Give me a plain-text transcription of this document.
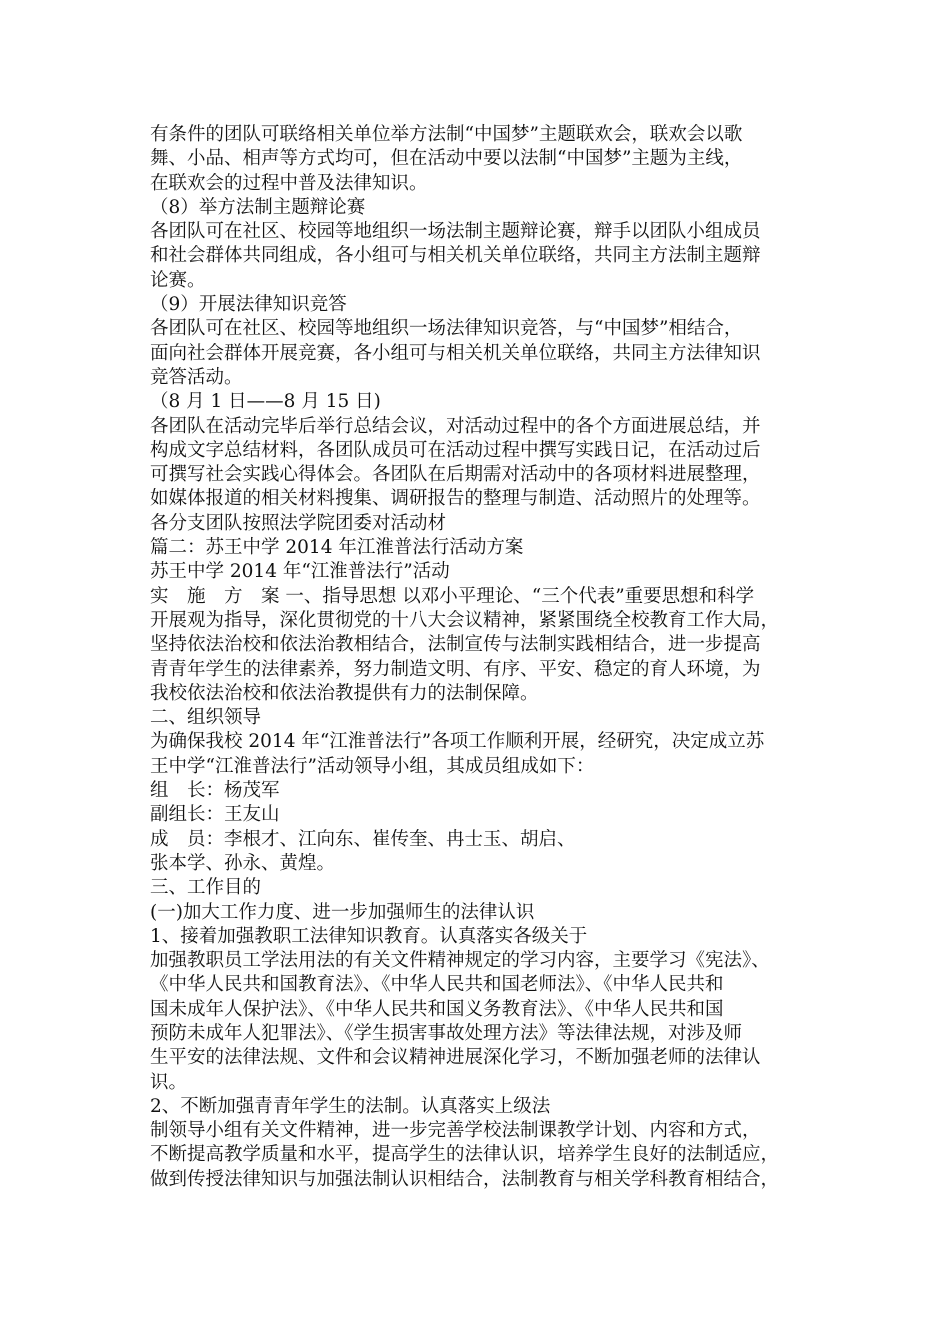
有条件的团队可联络相关单位举方法制“中国梦”主题联欢会，联欢会以歌
舞、小品、相声等方式均可，但在活动中要以法制“中国梦”主题为主线，
在联欢会的过程中普及法律知识。
（8）举方法制主题辩论赛
各团队可在社区、校园等地组织一场法制主题辩论赛，辩手以团队小组成员
和社会群体共同组成，各小组可与相关机关单位联络，共同主方法制主题辩
论赛。
（9）开展法律知识竞答
各团队可在社区、校园等地组织一场法律知识竞答，与“中国梦”相结合，
面向社会群体开展竞赛，各小组可与相关机关单位联络，共同主方法律知识
竞答活动。
（8 月 1 日——8 月 15 日)
各团队在活动完毕后举行总结会议，对活动过程中的各个方面进展总结，并
构成文字总结材料，各团队成员可在活动过程中撰写实践日记，在活动过后
可撰写社会实践心得体会。各团队在后期需对活动中的各项材料进展整理，
如媒体报道的相关材料搜集、调研报告的整理与制造、活动照片的处理等。
各分支团队按照法学院团委对活动材
篇二：苏王中学 2014 年江淮普法行活动方案
苏王中学 2014 年“江淮普法行”活动
实　施　方　案 一、指导思想 以邓小平理论、“三个代表”重要思想和科学
开展观为指导，深化贯彻党的十八大会议精神，紧紧围绕全校教育工作大局，
坚持依法治校和依法治教相结合，法制宣传与法制实践相结合，进一步提高
青青年学生的法律素养，努力制造文明、有序、平安、稳定的育人环境，为
我校依法治校和依法治教提供有力的法制保障。
二、组织领导
为确保我校 2014 年“江淮普法行”各项工作顺利开展，经研究，决定成立苏
王中学“江淮普法行”活动领导小组，其成员组成如下：
组　长：杨茂军
副组长：王友山
成　员：李根才、江向东、崔传奎、冉士玉、胡启、
张本学、孙永、黄煌。
三、工作目的
(一)加大工作力度、进一步加强师生的法律认识
1、接着加强教职工法律知识教育。认真落实各级关于
加强教职员工学法用法的有关文件精神规定的学习内容，主要学习《宪法》、
《中华人民共和国教育法》、《中华人民共和国老师法》、《中华人民共和
国未成年人保护法》、《中华人民共和国义务教育法》、《中华人民共和国
预防未成年人犯罪法》、《学生损害事故处理方法》等法律法规，对涉及师
生平安的法律法规、文件和会议精神进展深化学习，不断加强老师的法律认
识。
2、不断加强青青年学生的法制。认真落实上级法
制领导小组有关文件精神，进一步完善学校法制课教学计划、内容和方式，
不断提高教学质量和水平，提高学生的法律认识，培养学生良好的法制适应，
做到传授法律知识与加强法制认识相结合，法制教育与相关学科教育相结合，
